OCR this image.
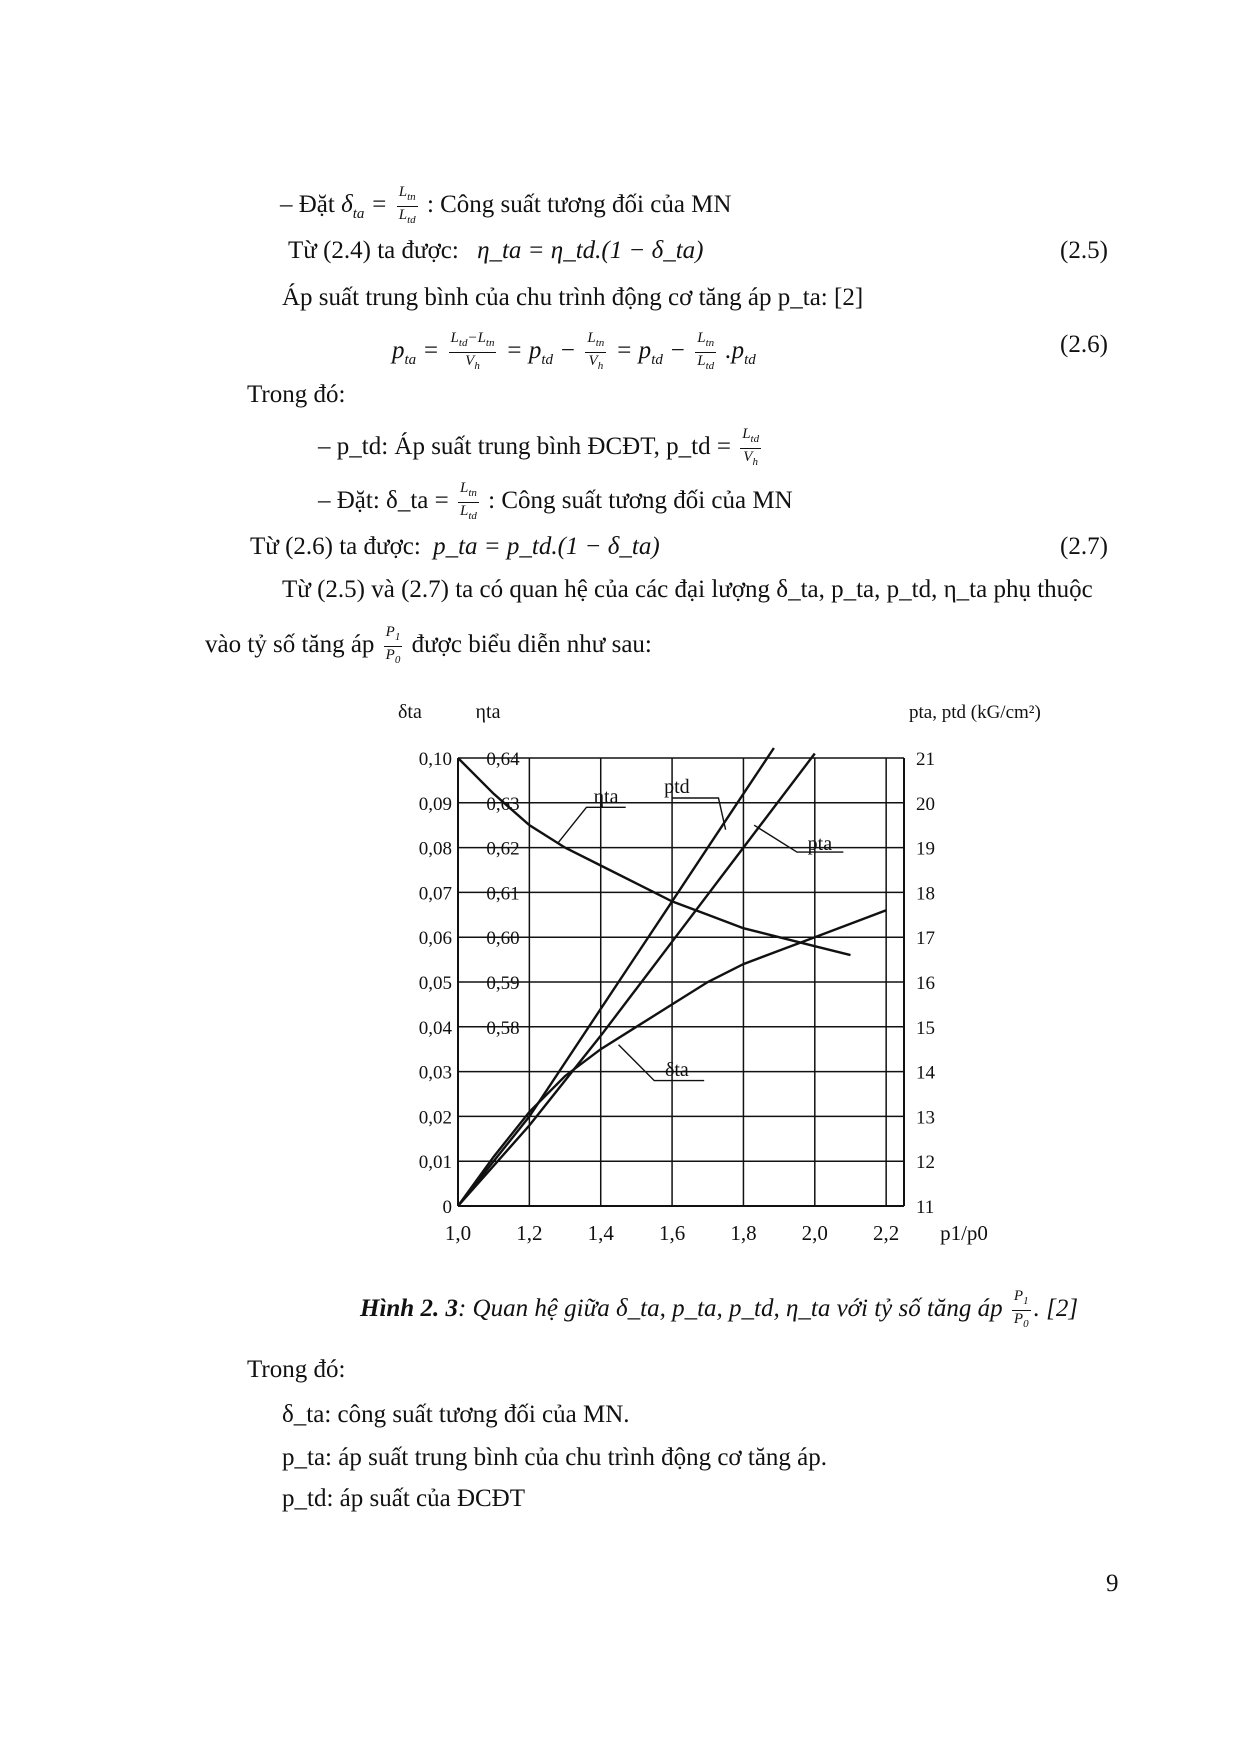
– Đặt $\delta_{ta} = \frac{L_{tn}}{L_{td}}$ : Công suất tương đối của MN
Từ (2.4) ta được: η_ta = η_td.(1 − δ_ta)	(2.5)
Áp suất trung bình của chu trình động cơ tăng áp p_ta: [2]
$p_{ta} = \frac{L_{td}-L_{tn}}{V_h} = p_{td} - \frac{L_{tn}}{V_h} = p_{td} - \frac{L_{tn}}{L_{td}} .p_{td}$
(2.6)
Trong đó:
– p_td: Áp suất trung bình ĐCĐT, p_td = $\frac{L_{td}}{V_h}$
– Đặt: δ_ta = $\frac{L_{tn}}{L_{td}}$ : Công suất tương đối của MN
Từ (2.6) ta được: p_ta = p_td.(1 − δ_ta)	(2.7)
Từ (2.5) và (2.7) ta có quan hệ của các đại lượng δ_ta, p_ta, p_td, η_ta phụ thuộc
vào tỷ số tăng áp $\frac{P_1}{P_0}$ được biểu diễn như sau:
1,0 1,2 1,4 1,6 1,8 2,0 2,2
0	11
0,01	12
0,02	13
0,03	14
0,04	15
0,05	16
0,06	17
0,07	18
0,08	19
0,09	20
0,10	21
0,58
0,59
0,60
0,61
0,62
0,63
0,64
δta	ηta	pta, ptd (kG/cm²)
p1/p0
ptd
pta
ηta
δta
Hình 2. 3: Quan hệ giữa δ_ta, p_ta, p_td, η_ta với tỷ số tăng áp $\frac{P_1}{P_0}$ . [2]
Trong đó:
δ_ta: công suất tương đối của MN.
p_ta: áp suất trung bình của chu trình động cơ tăng áp.
p_td: áp suất của ĐCĐT
9
